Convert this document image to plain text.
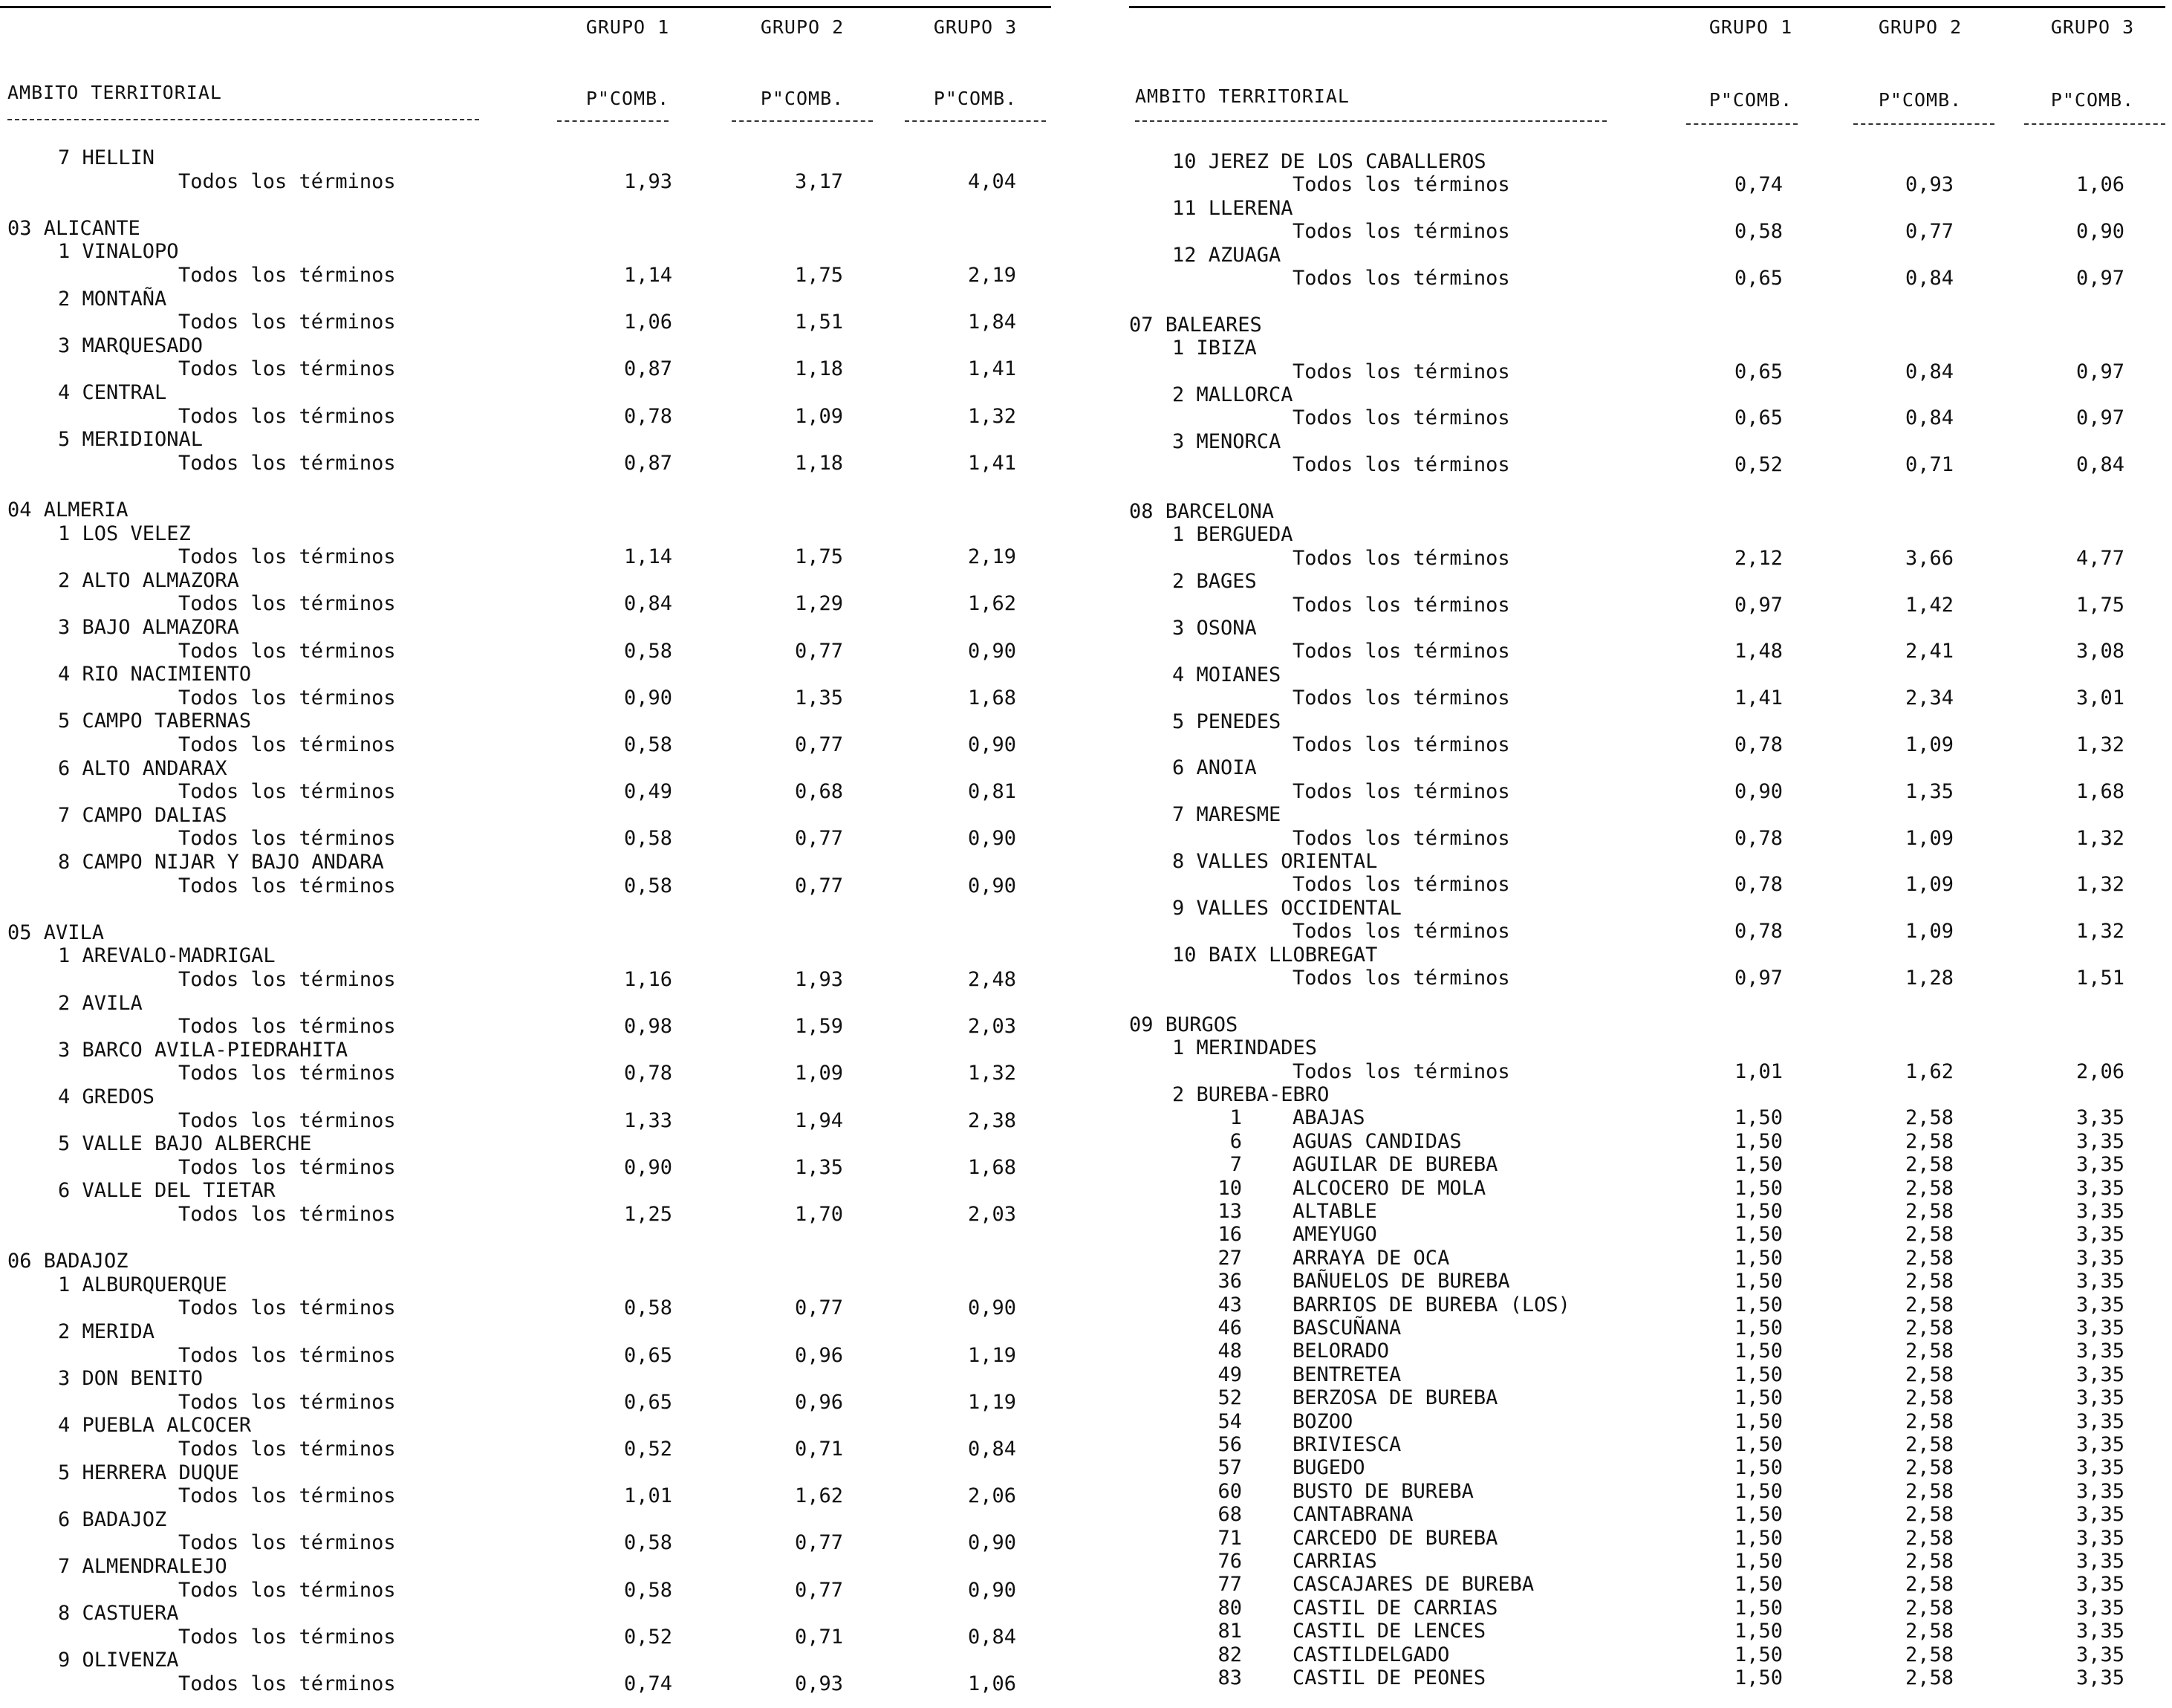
GRUPO 1	GRUPO 2	GRUPO 3
AMBITO TERRITORIAL	P"COMB.	P"COMB.	P"COMB.
7 HELLIN
Todos los términos	1,93	3,17	4,04
03 ALICANTE
1 VINALOPO
Todos los términos	1,14	1,75	2,19
2 MONTAÑA
Todos los términos	1,06	1,51	1,84
3 MARQUESADO
Todos los términos	0,87	1,18	1,41
4 CENTRAL
Todos los términos	0,78	1,09	1,32
5 MERIDIONAL
Todos los términos	0,87	1,18	1,41
04 ALMERIA
1 LOS VELEZ
Todos los términos	1,14	1,75	2,19
2 ALTO ALMAZORA
Todos los términos	0,84	1,29	1,62
3 BAJO ALMAZORA
Todos los términos	0,58	0,77	0,90
4 RIO NACIMIENTO
Todos los términos	0,90	1,35	1,68
5 CAMPO TABERNAS
Todos los términos	0,58	0,77	0,90
6 ALTO ANDARAX
Todos los términos	0,49	0,68	0,81
7 CAMPO DALIAS
Todos los términos	0,58	0,77	0,90
8 CAMPO NIJAR Y BAJO ANDARA
Todos los términos	0,58	0,77	0,90
05 AVILA
1 AREVALO-MADRIGAL
Todos los términos	1,16	1,93	2,48
2 AVILA
Todos los términos	0,98	1,59	2,03
3 BARCO AVILA-PIEDRAHITA
Todos los términos	0,78	1,09	1,32
4 GREDOS
Todos los términos	1,33	1,94	2,38
5 VALLE BAJO ALBERCHE
Todos los términos	0,90	1,35	1,68
6 VALLE DEL TIETAR
Todos los términos	1,25	1,70	2,03
06 BADAJOZ
1 ALBURQUERQUE
Todos los términos	0,58	0,77	0,90
2 MERIDA
Todos los términos	0,65	0,96	1,19
3 DON BENITO
Todos los términos	0,65	0,96	1,19
4 PUEBLA ALCOCER
Todos los términos	0,52	0,71	0,84
5 HERRERA DUQUE
Todos los términos	1,01	1,62	2,06
6 BADAJOZ
Todos los términos	0,58	0,77	0,90
7 ALMENDRALEJO
Todos los términos	0,58	0,77	0,90
8 CASTUERA
Todos los términos	0,52	0,71	0,84
9 OLIVENZA
Todos los términos	0,74	0,93	1,06
GRUPO 1	GRUPO 2	GRUPO 3
AMBITO TERRITORIAL	P"COMB.	P"COMB.	P"COMB.
10 JEREZ DE LOS CABALLEROS
Todos los términos	0,74	0,93	1,06
11 LLERENA
Todos los términos	0,58	0,77	0,90
12 AZUAGA
Todos los términos	0,65	0,84	0,97
07 BALEARES
1 IBIZA
Todos los términos	0,65	0,84	0,97
2 MALLORCA
Todos los términos	0,65	0,84	0,97
3 MENORCA
Todos los términos	0,52	0,71	0,84
08 BARCELONA
1 BERGUEDA
Todos los términos	2,12	3,66	4,77
2 BAGES
Todos los términos	0,97	1,42	1,75
3 OSONA
Todos los términos	1,48	2,41	3,08
4 MOIANES
Todos los términos	1,41	2,34	3,01
5 PENEDES
Todos los términos	0,78	1,09	1,32
6 ANOIA
Todos los términos	0,90	1,35	1,68
7 MARESME
Todos los términos	0,78	1,09	1,32
8 VALLES ORIENTAL
Todos los términos	0,78	1,09	1,32
9 VALLES OCCIDENTAL
Todos los términos	0,78	1,09	1,32
10 BAIX LLOBREGAT
Todos los términos	0,97	1,28	1,51
09 BURGOS
1 MERINDADES
Todos los términos	1,01	1,62	2,06
2 BUREBA-EBRO
1	ABAJAS	1,50	2,58	3,35
6	AGUAS CANDIDAS	1,50	2,58	3,35
7	AGUILAR DE BUREBA	1,50	2,58	3,35
10	ALCOCERO DE MOLA	1,50	2,58	3,35
13	ALTABLE	1,50	2,58	3,35
16	AMEYUGO	1,50	2,58	3,35
27	ARRAYA DE OCA	1,50	2,58	3,35
36	BAÑUELOS DE BUREBA	1,50	2,58	3,35
43	BARRIOS DE BUREBA (LOS)	1,50	2,58	3,35
46	BASCUÑANA	1,50	2,58	3,35
48	BELORADO	1,50	2,58	3,35
49	BENTRETEA	1,50	2,58	3,35
52	BERZOSA DE BUREBA	1,50	2,58	3,35
54	BOZOO	1,50	2,58	3,35
56	BRIVIESCA	1,50	2,58	3,35
57	BUGEDO	1,50	2,58	3,35
60	BUSTO DE BUREBA	1,50	2,58	3,35
68	CANTABRANA	1,50	2,58	3,35
71	CARCEDO DE BUREBA	1,50	2,58	3,35
76	CARRIAS	1,50	2,58	3,35
77	CASCAJARES DE BUREBA	1,50	2,58	3,35
80	CASTIL DE CARRIAS	1,50	2,58	3,35
81	CASTIL DE LENCES	1,50	2,58	3,35
82	CASTILDELGADO	1,50	2,58	3,35
83	CASTIL DE PEONES	1,50	2,58	3,35
